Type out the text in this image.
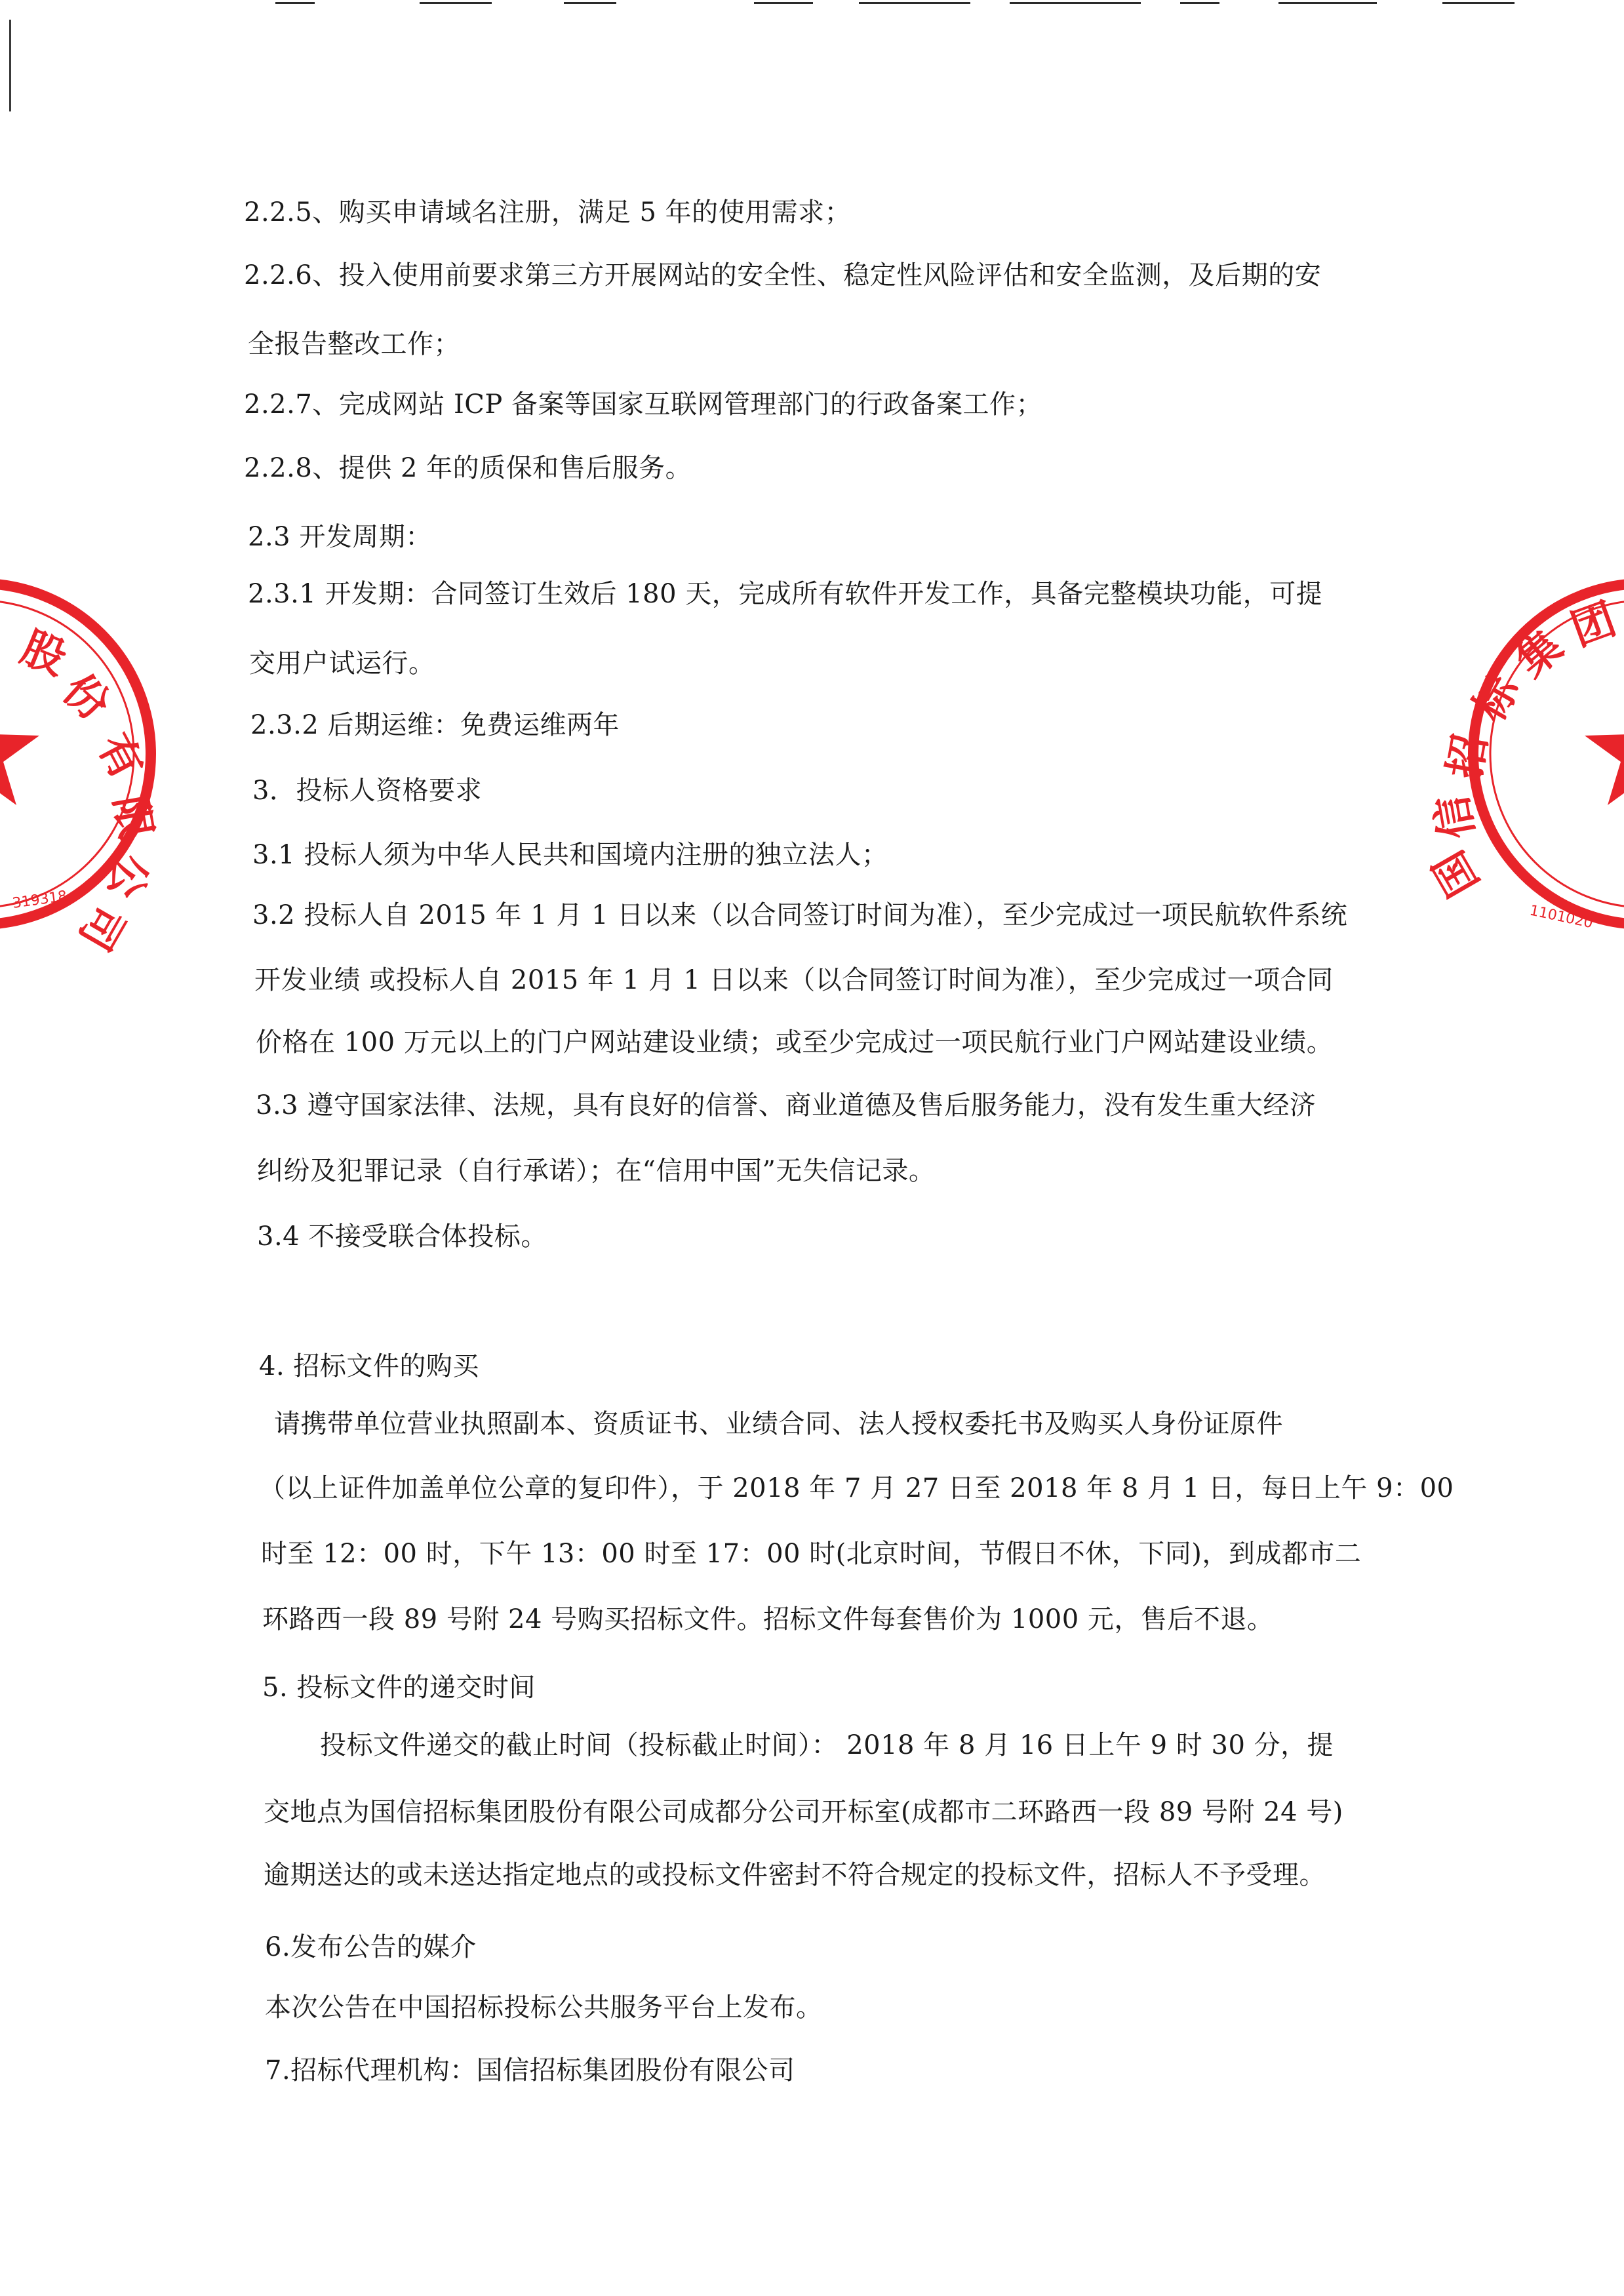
股
份
有
限
公
司
319318	国
信
招
标
集
团
1101020
2.2.5、购买申请域名注册，满足 5 年的使用需求；
2.2.6、投入使用前要求第三方开展网站的安全性、稳定性风险评估和安全监测，及后期的安
全报告整改工作；
2.2.7、完成网站 ICP 备案等国家互联网管理部门的行政备案工作；
2.2.8、提供 2 年的质保和售后服务。
2.3 开发周期：
2.3.1 开发期：合同签订生效后 180 天，完成所有软件开发工作，具备完整模块功能，可提
交用户试运行。
2.3.2 后期运维：免费运维两年
3．投标人资格要求
3.1 投标人须为中华人民共和国境内注册的独立法人；
3.2 投标人自 2015 年 1 月 1 日以来（以合同签订时间为准），至少完成过一项民航软件系统
开发业绩 或投标人自 2015 年 1 月 1 日以来（以合同签订时间为准），至少完成过一项合同
价格在 100 万元以上的门户网站建设业绩；或至少完成过一项民航行业门户网站建设业绩。
3.3 遵守国家法律、法规，具有良好的信誉、商业道德及售后服务能力，没有发生重大经济
纠纷及犯罪记录（自行承诺）；在“信用中国”无失信记录。
3.4 不接受联合体投标。
4. 招标文件的购买
请携带单位营业执照副本、资质证书、业绩合同、法人授权委托书及购买人身份证原件
（以上证件加盖单位公章的复印件），于 2018 年 7 月 27 日至 2018 年 8 月 1 日，每日上午 9：00
时至 12：00 时，下午 13：00 时至 17：00 时(北京时间，节假日不休，下同)，到成都市二
环路西一段 89 号附 24 号购买招标文件。招标文件每套售价为 1000 元，售后不退。
5. 投标文件的递交时间
投标文件递交的截止时间（投标截止时间）： 2018 年 8 月 16 日上午 9 时 30 分，提
交地点为国信招标集团股份有限公司成都分公司开标室(成都市二环路西一段 89 号附 24 号)
逾期送达的或未送达指定地点的或投标文件密封不符合规定的投标文件，招标人不予受理。
6.发布公告的媒介
本次公告在中国招标投标公共服务平台上发布。
7.招标代理机构：国信招标集团股份有限公司
